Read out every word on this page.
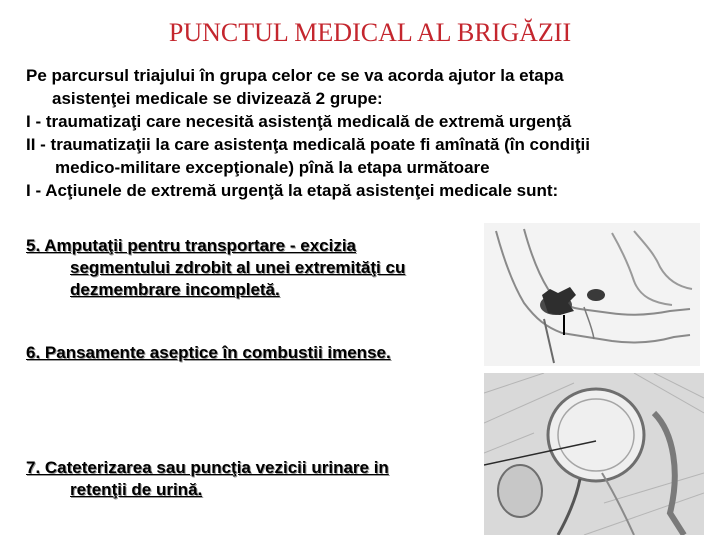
PUNCTUL MEDICAL AL BRIGĂZII
Pe parcursul triajului în grupa celor ce se va acorda ajutor la etapa
asistenţei medicale se divizează 2 grupe:
I - traumatizaţi care necesită asistenţă medicală de extremă urgenţă
II - traumatizaţii la care asistenţa medicală poate fi amînată (în condiţii
medico-militare excepţionale) pînă la etapa următoare
I - Acţiunele de extremă urgenţă la etapă asistenţei medicale sunt:
5. Amputaţii pentru transportare - excizia
segmentului zdrobit al unei extremităţi cu
dezmembrare incompletă.
6. Pansamente aseptice în combustii imense.
7. Cateterizarea sau puncţia vezicii urinare in
retenţii de urină.
